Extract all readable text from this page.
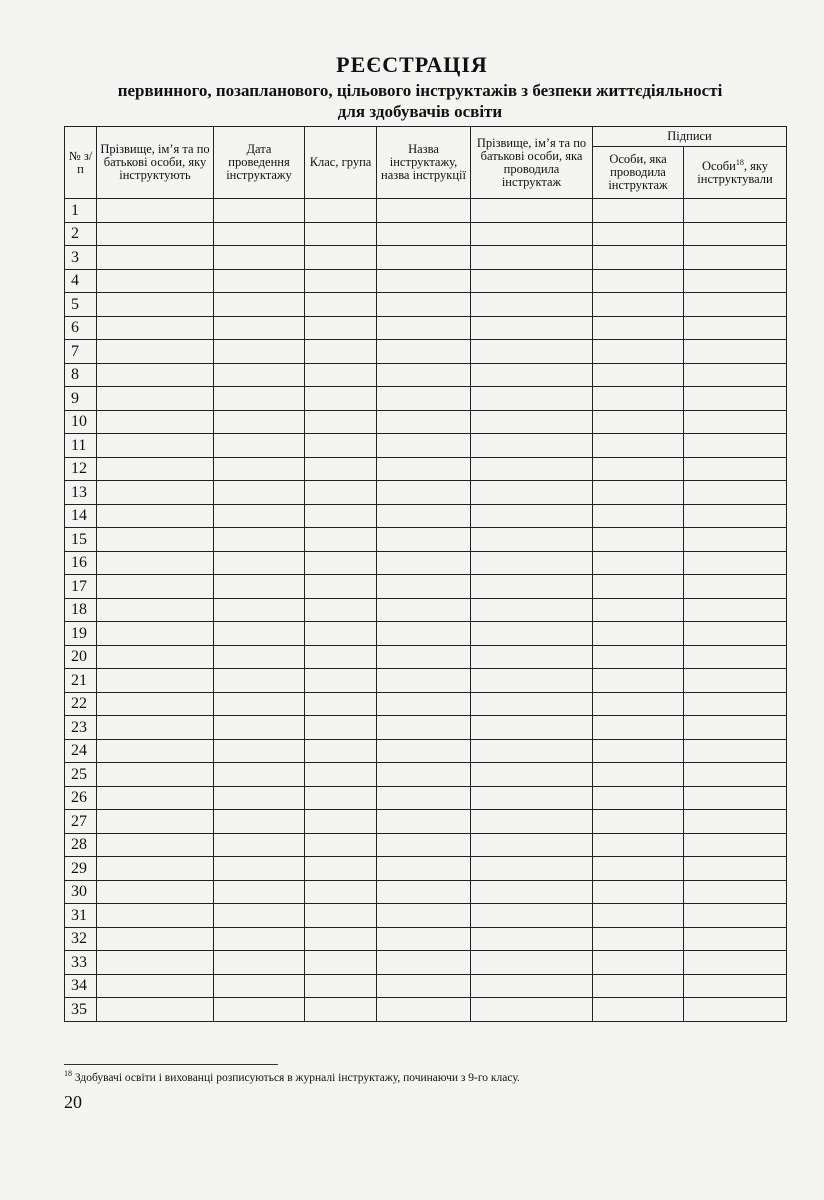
РЕЄСТРАЦІЯ
первинного, позапланового, цільового інструктажів з безпеки життєдіяльності
для здобувачів освіти
№ з/п	Прізвище, ім’я та по батькові особи, яку інструктують	Дата проведення інструктажу	Клас, група	Назва інструктажу, назва інструкції	Прізвище, ім’я та по батькові особи, яка проводила інструктаж	Підписи	
						Особи, яка проводила інструктаж	Особи$^{18}$, яку інструктували
1							
2							
3							
4							
5							
6							
7							
8							
9							
10							
11							
12							
13							
14							
15							
16							
17							
18							
19							
20							
21							
22							
23							
24							
25							
26							
27							
28							
29							
30							
31							
32							
33							
34							
35							
$^{18}$ Здобувачі освіти і вихованці розписуються в журналі інструктажу, починаючи з 9-го класу.
20
